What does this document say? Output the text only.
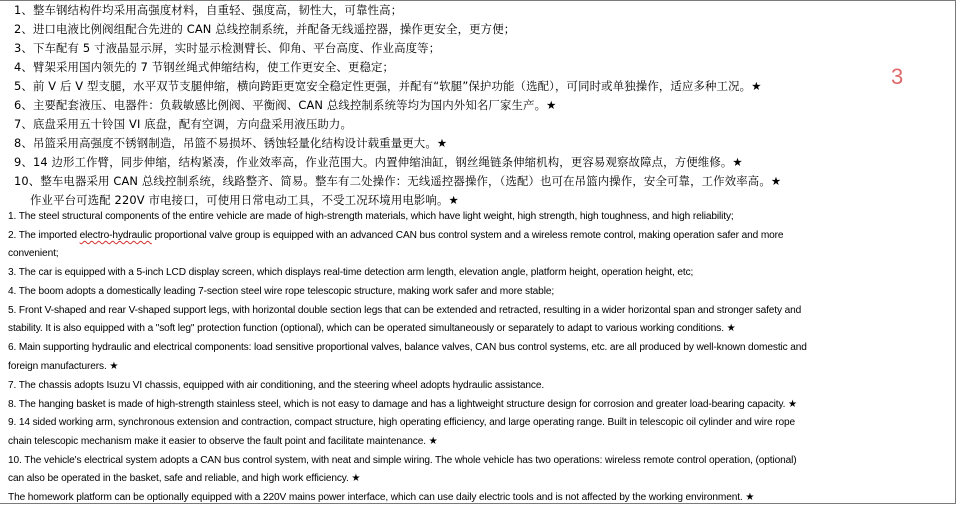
3
1、整车钢结构件均采用高强度材料，自重轻、强度高，韧性大，可靠性高；
2、进口电液比例阀组配合先进的 CAN 总线控制系统，并配备无线遥控器，操作更安全，更方便；
3、下车配有 5 寸液晶显示屏，实时显示检测臂长、仰角、平台高度、作业高度等；
4、臂架采用国内领先的 7 节钢丝绳式伸缩结构，使工作更安全、更稳定；
5、前 V 后 V 型支腿，水平双节支腿伸缩，横向跨距更宽安全稳定性更强，并配有“软腿”保护功能（选配），可同时或单独操作，适应多种工况。★
6、主要配套液压、电器件：负载敏感比例阀、平衡阀、CAN 总线控制系统等均为国内外知名厂家生产。★
7、底盘采用五十铃国 VI 底盘，配有空调，方向盘采用液压助力。
8、吊篮采用高强度不锈钢制造，吊篮不易损坏、锈蚀轻量化结构设计载重量更大。★
9、14 边形工作臂，同步伸缩，结构紧凑，作业效率高，作业范围大。内置伸缩油缸，钢丝绳链条伸缩机构，更容易观察故障点，方便维修。★
10、整车电器采用 CAN 总线控制系统，线路整齐、简易。整车有二处操作：无线遥控器操作，（选配）也可在吊篮内操作，安全可靠，工作效率高。★
作业平台可选配 220V 市电接口，可使用日常电动工具，不受工况环境用电影响。★
1. The steel structural components of the entire vehicle are made of high-strength materials, which have light weight, high strength, high toughness, and high reliability;
2. The imported electro-hydraulic proportional valve group is equipped with an advanced CAN bus control system and a wireless remote control, making operation safer and more
convenient;
3. The car is equipped with a 5-inch LCD display screen, which displays real-time detection arm length, elevation angle, platform height, operation height, etc;
4. The boom adopts a domestically leading 7-section steel wire rope telescopic structure, making work safer and more stable;
5. Front V-shaped and rear V-shaped support legs, with horizontal double section legs that can be extended and retracted, resulting in a wider horizontal span and stronger safety and
stability. It is also equipped with a "soft leg" protection function (optional), which can be operated simultaneously or separately to adapt to various working conditions. ★
6. Main supporting hydraulic and electrical components: load sensitive proportional valves, balance valves, CAN bus control systems, etc. are all produced by well-known domestic and
foreign manufacturers. ★
7. The chassis adopts Isuzu VI chassis, equipped with air conditioning, and the steering wheel adopts hydraulic assistance.
8. The hanging basket is made of high-strength stainless steel, which is not easy to damage and has a lightweight structure design for corrosion and greater load-bearing capacity. ★
9. 14 sided working arm, synchronous extension and contraction, compact structure, high operating efficiency, and large operating range. Built in telescopic oil cylinder and wire rope
chain telescopic mechanism make it easier to observe the fault point and facilitate maintenance. ★
10. The vehicle's electrical system adopts a CAN bus control system, with neat and simple wiring. The whole vehicle has two operations: wireless remote control operation, (optional)
can also be operated in the basket, safe and reliable, and high work efficiency. ★
The homework platform can be optionally equipped with a 220V mains power interface, which can use daily electric tools and is not affected by the working environment. ★
